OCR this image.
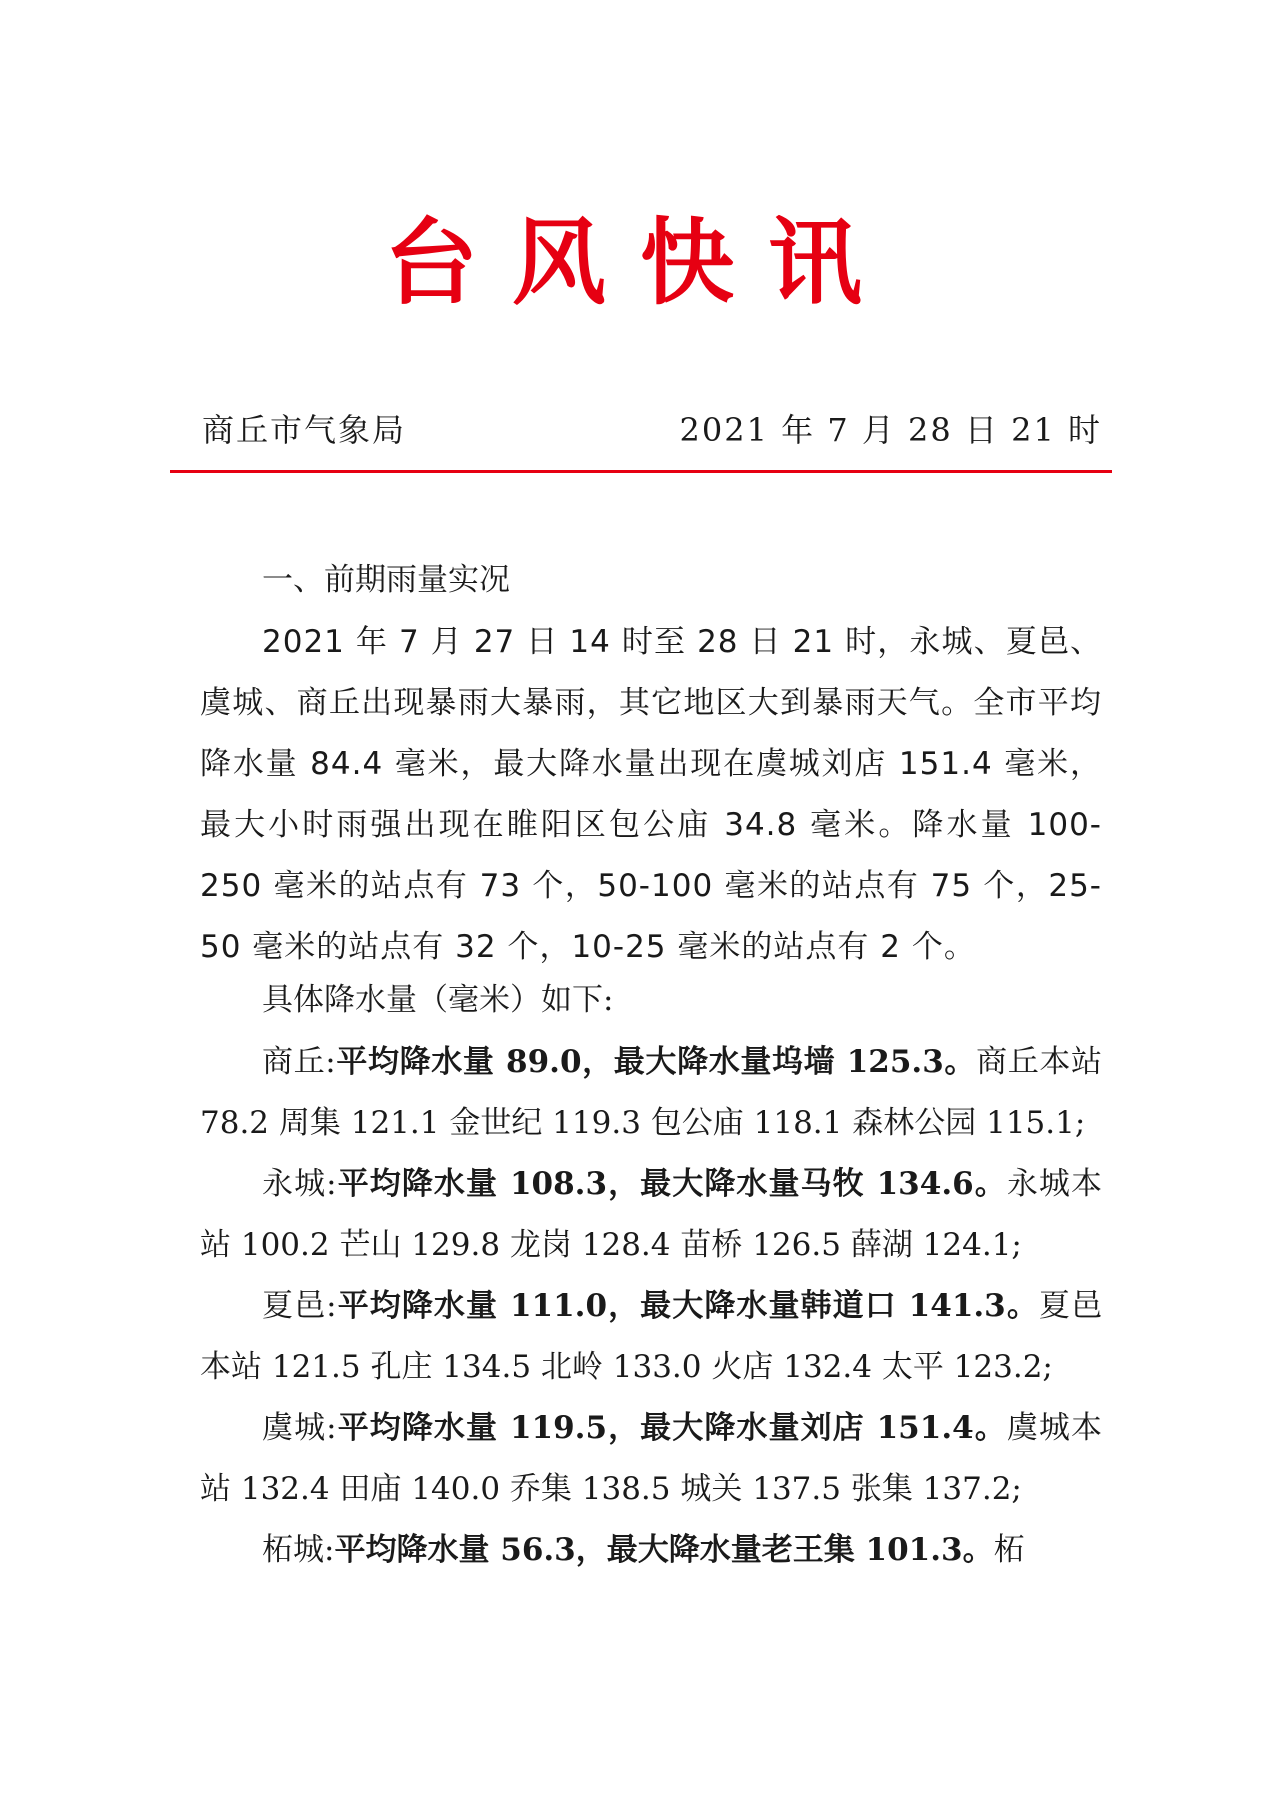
台风快讯
商丘市气象局	2021 年 7 月 28 日 21 时

一、前期雨量实况

2021 年 7 月 27 日 14 时至 28 日 21 时，永城、夏邑、虞城、商丘出现暴雨大暴雨，其它地区大到暴雨天气。全市平均降水量 84.4 毫米，最大降水量出现在虞城刘店 151.4 毫米，最大小时雨强出现在睢阳区包公庙 34.8 毫米。降水量 100-250 毫米的站点有 73 个，50-100 毫米的站点有 75 个，25-50 毫米的站点有 32 个，10-25 毫米的站点有 2 个。

具体降水量（毫米）如下:

商丘:平均降水量 89.0，最大降水量坞墙 125.3。商丘本站 78.2 周集 121.1 金世纪 119.3 包公庙 118.1 森林公园 115.1;

永城:平均降水量 108.3，最大降水量马牧 134.6。永城本站 100.2 芒山 129.8 龙岗 128.4 苗桥 126.5 薛湖 124.1;

夏邑:平均降水量 111.0，最大降水量韩道口 141.3。夏邑本站 121.5 孔庄 134.5 北岭 133.0 火店 132.4 太平 123.2;

虞城:平均降水量 119.5，最大降水量刘店 151.4。虞城本站 132.4 田庙 140.0 乔集 138.5 城关 137.5 张集 137.2;

柘城:平均降水量 56.3，最大降水量老王集 101.3。柘
